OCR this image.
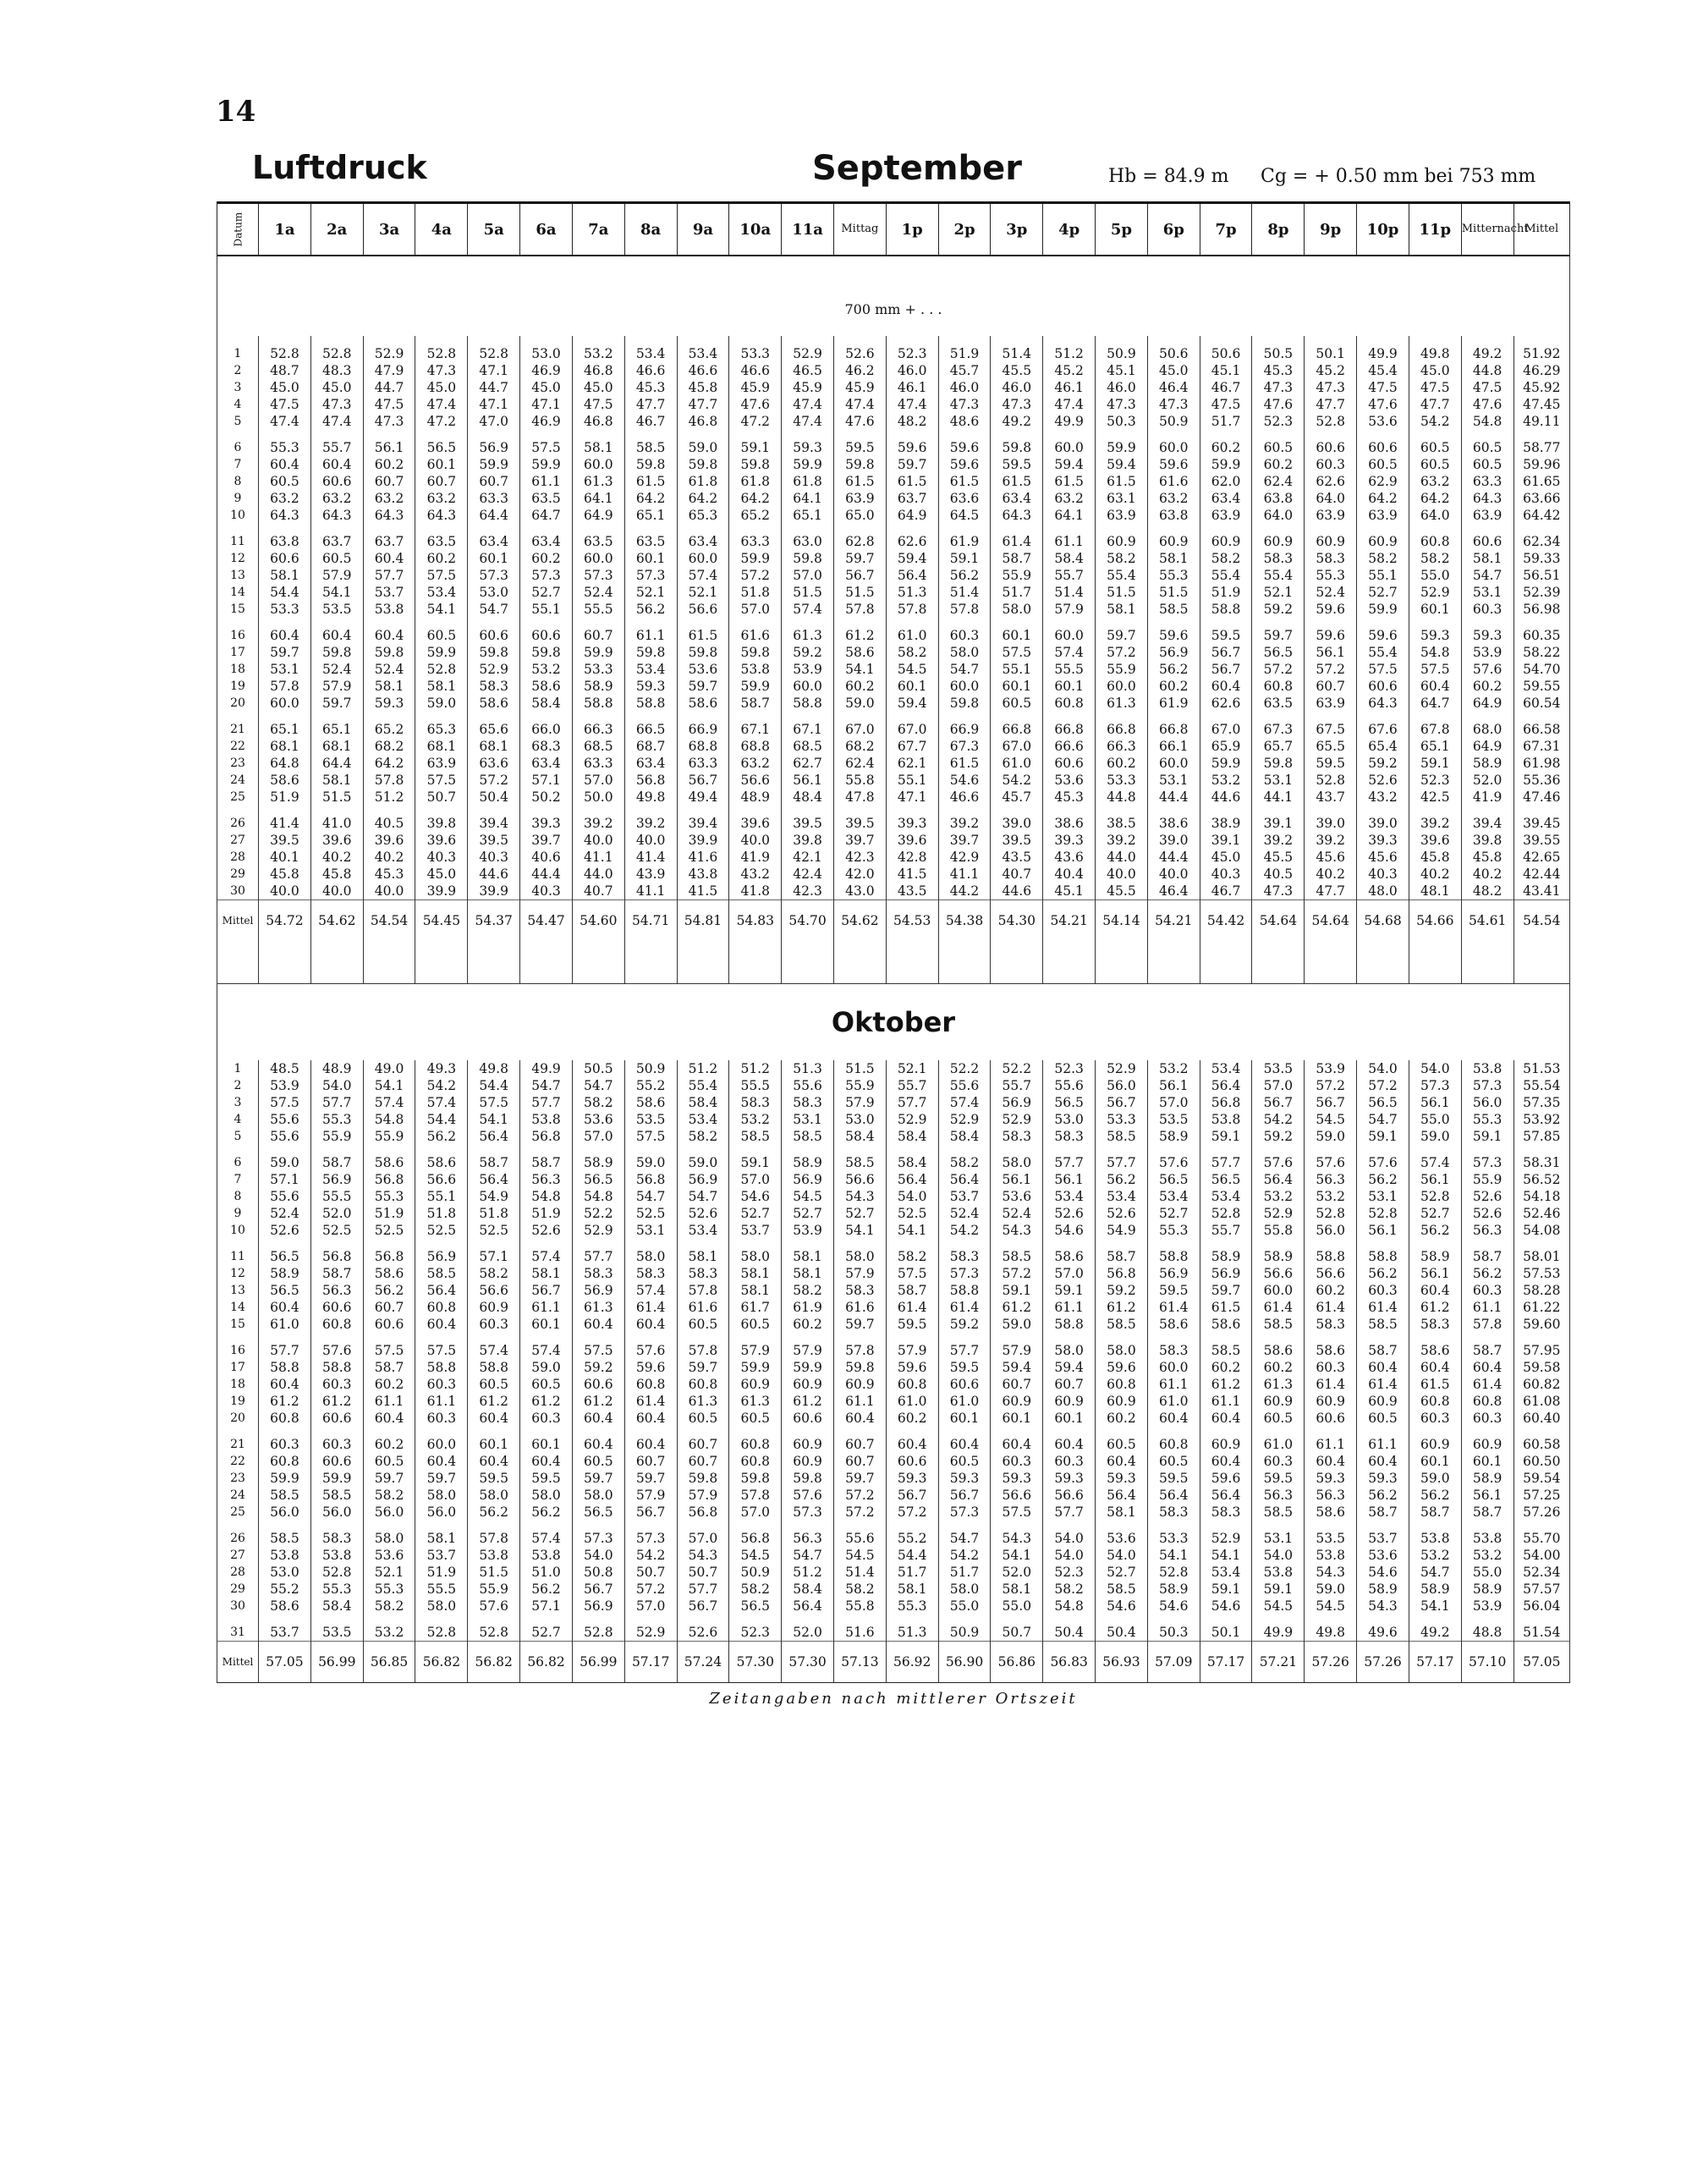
14
Luftdruck	September	Hb = 84.9 m Cg = + 0.50 mm bei 753 mm
Datum	1a	2a	3a	4a	5a	6a	7a	8a	9a	10a	11a	Mittag	1p	2p	3p	4p	5p	6p	7p	8p	9p	10p	11p	Mitternacht	Mittel
700 mm + . . .																									

1	52.8	52.8	52.9	52.8	52.8	53.0	53.2	53.4	53.4	53.3	52.9	52.6	52.3	51.9	51.4	51.2	50.9	50.6	50.6	50.5	50.1	49.9	49.8	49.2	51.92
2	48.7	48.3	47.9	47.3	47.1	46.9	46.8	46.6	46.6	46.6	46.5	46.2	46.0	45.7	45.5	45.2	45.1	45.0	45.1	45.3	45.2	45.4	45.0	44.8	46.29
3	45.0	45.0	44.7	45.0	44.7	45.0	45.0	45.3	45.8	45.9	45.9	45.9	46.1	46.0	46.0	46.1	46.0	46.4	46.7	47.3	47.3	47.5	47.5	47.5	45.92
4	47.5	47.3	47.5	47.4	47.1	47.1	47.5	47.7	47.7	47.6	47.4	47.4	47.4	47.3	47.3	47.4	47.3	47.3	47.5	47.6	47.7	47.6	47.7	47.6	47.45
5	47.4	47.4	47.3	47.2	47.0	46.9	46.8	46.7	46.8	47.2	47.4	47.6	48.2	48.6	49.2	49.9	50.3	50.9	51.7	52.3	52.8	53.6	54.2	54.8	49.11

6	55.3	55.7	56.1	56.5	56.9	57.5	58.1	58.5	59.0	59.1	59.3	59.5	59.6	59.6	59.8	60.0	59.9	60.0	60.2	60.5	60.6	60.6	60.5	60.5	58.77
7	60.4	60.4	60.2	60.1	59.9	59.9	60.0	59.8	59.8	59.8	59.9	59.8	59.7	59.6	59.5	59.4	59.4	59.6	59.9	60.2	60.3	60.5	60.5	60.5	59.96
8	60.5	60.6	60.7	60.7	60.7	61.1	61.3	61.5	61.8	61.8	61.8	61.5	61.5	61.5	61.5	61.5	61.5	61.6	62.0	62.4	62.6	62.9	63.2	63.3	61.65
9	63.2	63.2	63.2	63.2	63.3	63.5	64.1	64.2	64.2	64.2	64.1	63.9	63.7	63.6	63.4	63.2	63.1	63.2	63.4	63.8	64.0	64.2	64.2	64.3	63.66
10	64.3	64.3	64.3	64.3	64.4	64.7	64.9	65.1	65.3	65.2	65.1	65.0	64.9	64.5	64.3	64.1	63.9	63.8	63.9	64.0	63.9	63.9	64.0	63.9	64.42

11	63.8	63.7	63.7	63.5	63.4	63.4	63.5	63.5	63.4	63.3	63.0	62.8	62.6	61.9	61.4	61.1	60.9	60.9	60.9	60.9	60.9	60.9	60.8	60.6	62.34
12	60.6	60.5	60.4	60.2	60.1	60.2	60.0	60.1	60.0	59.9	59.8	59.7	59.4	59.1	58.7	58.4	58.2	58.1	58.2	58.3	58.3	58.2	58.2	58.1	59.33
13	58.1	57.9	57.7	57.5	57.3	57.3	57.3	57.3	57.4	57.2	57.0	56.7	56.4	56.2	55.9	55.7	55.4	55.3	55.4	55.4	55.3	55.1	55.0	54.7	56.51
14	54.4	54.1	53.7	53.4	53.0	52.7	52.4	52.1	52.1	51.8	51.5	51.5	51.3	51.4	51.7	51.4	51.5	51.5	51.9	52.1	52.4	52.7	52.9	53.1	52.39
15	53.3	53.5	53.8	54.1	54.7	55.1	55.5	56.2	56.6	57.0	57.4	57.8	57.8	57.8	58.0	57.9	58.1	58.5	58.8	59.2	59.6	59.9	60.1	60.3	56.98

16	60.4	60.4	60.4	60.5	60.6	60.6	60.7	61.1	61.5	61.6	61.3	61.2	61.0	60.3	60.1	60.0	59.7	59.6	59.5	59.7	59.6	59.6	59.3	59.3	60.35
17	59.7	59.8	59.8	59.9	59.8	59.8	59.9	59.8	59.8	59.8	59.2	58.6	58.2	58.0	57.5	57.4	57.2	56.9	56.7	56.5	56.1	55.4	54.8	53.9	58.22
18	53.1	52.4	52.4	52.8	52.9	53.2	53.3	53.4	53.6	53.8	53.9	54.1	54.5	54.7	55.1	55.5	55.9	56.2	56.7	57.2	57.2	57.5	57.5	57.6	54.70
19	57.8	57.9	58.1	58.1	58.3	58.6	58.9	59.3	59.7	59.9	60.0	60.2	60.1	60.0	60.1	60.1	60.0	60.2	60.4	60.8	60.7	60.6	60.4	60.2	59.55
20	60.0	59.7	59.3	59.0	58.6	58.4	58.8	58.8	58.6	58.7	58.8	59.0	59.4	59.8	60.5	60.8	61.3	61.9	62.6	63.5	63.9	64.3	64.7	64.9	60.54

21	65.1	65.1	65.2	65.3	65.6	66.0	66.3	66.5	66.9	67.1	67.1	67.0	67.0	66.9	66.8	66.8	66.8	66.8	67.0	67.3	67.5	67.6	67.8	68.0	66.58
22	68.1	68.1	68.2	68.1	68.1	68.3	68.5	68.7	68.8	68.8	68.5	68.2	67.7	67.3	67.0	66.6	66.3	66.1	65.9	65.7	65.5	65.4	65.1	64.9	67.31
23	64.8	64.4	64.2	63.9	63.6	63.4	63.3	63.4	63.3	63.2	62.7	62.4	62.1	61.5	61.0	60.6	60.2	60.0	59.9	59.8	59.5	59.2	59.1	58.9	61.98
24	58.6	58.1	57.8	57.5	57.2	57.1	57.0	56.8	56.7	56.6	56.1	55.8	55.1	54.6	54.2	53.6	53.3	53.1	53.2	53.1	52.8	52.6	52.3	52.0	55.36
25	51.9	51.5	51.2	50.7	50.4	50.2	50.0	49.8	49.4	48.9	48.4	47.8	47.1	46.6	45.7	45.3	44.8	44.4	44.6	44.1	43.7	43.2	42.5	41.9	47.46

26	41.4	41.0	40.5	39.8	39.4	39.3	39.2	39.2	39.4	39.6	39.5	39.5	39.3	39.2	39.0	38.6	38.5	38.6	38.9	39.1	39.0	39.0	39.2	39.4	39.45
27	39.5	39.6	39.6	39.6	39.5	39.7	40.0	40.0	39.9	40.0	39.8	39.7	39.6	39.7	39.5	39.3	39.2	39.0	39.1	39.2	39.2	39.3	39.6	39.8	39.55
28	40.1	40.2	40.2	40.3	40.3	40.6	41.1	41.4	41.6	41.9	42.1	42.3	42.8	42.9	43.5	43.6	44.0	44.4	45.0	45.5	45.6	45.6	45.8	45.8	42.65
29	45.8	45.8	45.3	45.0	44.6	44.4	44.0	43.9	43.8	43.2	42.4	42.0	41.5	41.1	40.7	40.4	40.0	40.0	40.3	40.5	40.2	40.3	40.2	40.2	42.44
30	40.0	40.0	40.0	39.9	39.9	40.3	40.7	41.1	41.5	41.8	42.3	43.0	43.5	44.2	44.6	45.1	45.5	46.4	46.7	47.3	47.7	48.0	48.1	48.2	43.41
Mittel	54.72	54.62	54.54	54.45	54.37	54.47	54.60	54.71	54.81	54.83	54.70	54.62	54.53	54.38	54.30	54.21	54.14	54.21	54.42	54.64	54.64	54.68	54.66	54.61	54.54

Oktober																									
1	48.5	48.9	49.0	49.3	49.8	49.9	50.5	50.9	51.2	51.2	51.3	51.5	52.1	52.2	52.2	52.3	52.9	53.2	53.4	53.5	53.9	54.0	54.0	53.8	51.53
2	53.9	54.0	54.1	54.2	54.4	54.7	54.7	55.2	55.4	55.5	55.6	55.9	55.7	55.6	55.7	55.6	56.0	56.1	56.4	57.0	57.2	57.2	57.3	57.3	55.54
3	57.5	57.7	57.4	57.4	57.5	57.7	58.2	58.6	58.4	58.3	58.3	57.9	57.7	57.4	56.9	56.5	56.7	57.0	56.8	56.7	56.7	56.5	56.1	56.0	57.35
4	55.6	55.3	54.8	54.4	54.1	53.8	53.6	53.5	53.4	53.2	53.1	53.0	52.9	52.9	52.9	53.0	53.3	53.5	53.8	54.2	54.5	54.7	55.0	55.3	53.92
5	55.6	55.9	55.9	56.2	56.4	56.8	57.0	57.5	58.2	58.5	58.5	58.4	58.4	58.4	58.3	58.3	58.5	58.9	59.1	59.2	59.0	59.1	59.0	59.1	57.85

6	59.0	58.7	58.6	58.6	58.7	58.7	58.9	59.0	59.0	59.1	58.9	58.5	58.4	58.2	58.0	57.7	57.7	57.6	57.7	57.6	57.6	57.6	57.4	57.3	58.31
7	57.1	56.9	56.8	56.6	56.4	56.3	56.5	56.8	56.9	57.0	56.9	56.6	56.4	56.4	56.1	56.1	56.2	56.5	56.5	56.4	56.3	56.2	56.1	55.9	56.52
8	55.6	55.5	55.3	55.1	54.9	54.8	54.8	54.7	54.7	54.6	54.5	54.3	54.0	53.7	53.6	53.4	53.4	53.4	53.4	53.2	53.2	53.1	52.8	52.6	54.18
9	52.4	52.0	51.9	51.8	51.8	51.9	52.2	52.5	52.6	52.7	52.7	52.7	52.5	52.4	52.4	52.6	52.6	52.7	52.8	52.9	52.8	52.8	52.7	52.6	52.46
10	52.6	52.5	52.5	52.5	52.5	52.6	52.9	53.1	53.4	53.7	53.9	54.1	54.1	54.2	54.3	54.6	54.9	55.3	55.7	55.8	56.0	56.1	56.2	56.3	54.08

11	56.5	56.8	56.8	56.9	57.1	57.4	57.7	58.0	58.1	58.0	58.1	58.0	58.2	58.3	58.5	58.6	58.7	58.8	58.9	58.9	58.8	58.8	58.9	58.7	58.01
12	58.9	58.7	58.6	58.5	58.2	58.1	58.3	58.3	58.3	58.1	58.1	57.9	57.5	57.3	57.2	57.0	56.8	56.9	56.9	56.6	56.6	56.2	56.1	56.2	57.53
13	56.5	56.3	56.2	56.4	56.6	56.7	56.9	57.4	57.8	58.1	58.2	58.3	58.7	58.8	59.1	59.1	59.2	59.5	59.7	60.0	60.2	60.3	60.4	60.3	58.28
14	60.4	60.6	60.7	60.8	60.9	61.1	61.3	61.4	61.6	61.7	61.9	61.6	61.4	61.4	61.2	61.1	61.2	61.4	61.5	61.4	61.4	61.4	61.2	61.1	61.22
15	61.0	60.8	60.6	60.4	60.3	60.1	60.4	60.4	60.5	60.5	60.2	59.7	59.5	59.2	59.0	58.8	58.5	58.6	58.6	58.5	58.3	58.5	58.3	57.8	59.60

16	57.7	57.6	57.5	57.5	57.4	57.4	57.5	57.6	57.8	57.9	57.9	57.8	57.9	57.7	57.9	58.0	58.0	58.3	58.5	58.6	58.6	58.7	58.6	58.7	57.95
17	58.8	58.8	58.7	58.8	58.8	59.0	59.2	59.6	59.7	59.9	59.9	59.8	59.6	59.5	59.4	59.4	59.6	60.0	60.2	60.2	60.3	60.4	60.4	60.4	59.58
18	60.4	60.3	60.2	60.3	60.5	60.5	60.6	60.8	60.8	60.9	60.9	60.9	60.8	60.6	60.7	60.7	60.8	61.1	61.2	61.3	61.4	61.4	61.5	61.4	60.82
19	61.2	61.2	61.1	61.1	61.2	61.2	61.2	61.4	61.3	61.3	61.2	61.1	61.0	61.0	60.9	60.9	60.9	61.0	61.1	60.9	60.9	60.9	60.8	60.8	61.08
20	60.8	60.6	60.4	60.3	60.4	60.3	60.4	60.4	60.5	60.5	60.6	60.4	60.2	60.1	60.1	60.1	60.2	60.4	60.4	60.5	60.6	60.5	60.3	60.3	60.40

21	60.3	60.3	60.2	60.0	60.1	60.1	60.4	60.4	60.7	60.8	60.9	60.7	60.4	60.4	60.4	60.4	60.5	60.8	60.9	61.0	61.1	61.1	60.9	60.9	60.58
22	60.8	60.6	60.5	60.4	60.4	60.4	60.5	60.7	60.7	60.8	60.9	60.7	60.6	60.5	60.3	60.3	60.4	60.5	60.4	60.3	60.4	60.4	60.1	60.1	60.50
23	59.9	59.9	59.7	59.7	59.5	59.5	59.7	59.7	59.8	59.8	59.8	59.7	59.3	59.3	59.3	59.3	59.3	59.5	59.6	59.5	59.3	59.3	59.0	58.9	59.54
24	58.5	58.5	58.2	58.0	58.0	58.0	58.0	57.9	57.9	57.8	57.6	57.2	56.7	56.7	56.6	56.6	56.4	56.4	56.4	56.3	56.3	56.2	56.2	56.1	57.25
25	56.0	56.0	56.0	56.0	56.2	56.2	56.5	56.7	56.8	57.0	57.3	57.2	57.2	57.3	57.5	57.7	58.1	58.3	58.3	58.5	58.6	58.7	58.7	58.7	57.26

26	58.5	58.3	58.0	58.1	57.8	57.4	57.3	57.3	57.0	56.8	56.3	55.6	55.2	54.7	54.3	54.0	53.6	53.3	52.9	53.1	53.5	53.7	53.8	53.8	55.70
27	53.8	53.8	53.6	53.7	53.8	53.8	54.0	54.2	54.3	54.5	54.7	54.5	54.4	54.2	54.1	54.0	54.0	54.1	54.1	54.0	53.8	53.6	53.2	53.2	54.00
28	53.0	52.8	52.1	51.9	51.5	51.0	50.8	50.7	50.7	50.9	51.2	51.4	51.7	51.7	52.0	52.3	52.7	52.8	53.4	53.8	54.3	54.6	54.7	55.0	52.34
29	55.2	55.3	55.3	55.5	55.9	56.2	56.7	57.2	57.7	58.2	58.4	58.2	58.1	58.0	58.1	58.2	58.5	58.9	59.1	59.1	59.0	58.9	58.9	58.9	57.57
30	58.6	58.4	58.2	58.0	57.6	57.1	56.9	57.0	56.7	56.5	56.4	55.8	55.3	55.0	55.0	54.8	54.6	54.6	54.6	54.5	54.5	54.3	54.1	53.9	56.04

31	53.7	53.5	53.2	52.8	52.8	52.7	52.8	52.9	52.6	52.3	52.0	51.6	51.3	50.9	50.7	50.4	50.4	50.3	50.1	49.9	49.8	49.6	49.2	48.8	51.54
Mittel	57.05	56.99	56.85	56.82	56.82	56.82	56.99	57.17	57.24	57.30	57.30	57.13	56.92	56.90	56.86	56.83	56.93	57.09	57.17	57.21	57.26	57.26	57.17	57.10	57.05
Zeitangaben nach mittlerer Ortszeit																									
